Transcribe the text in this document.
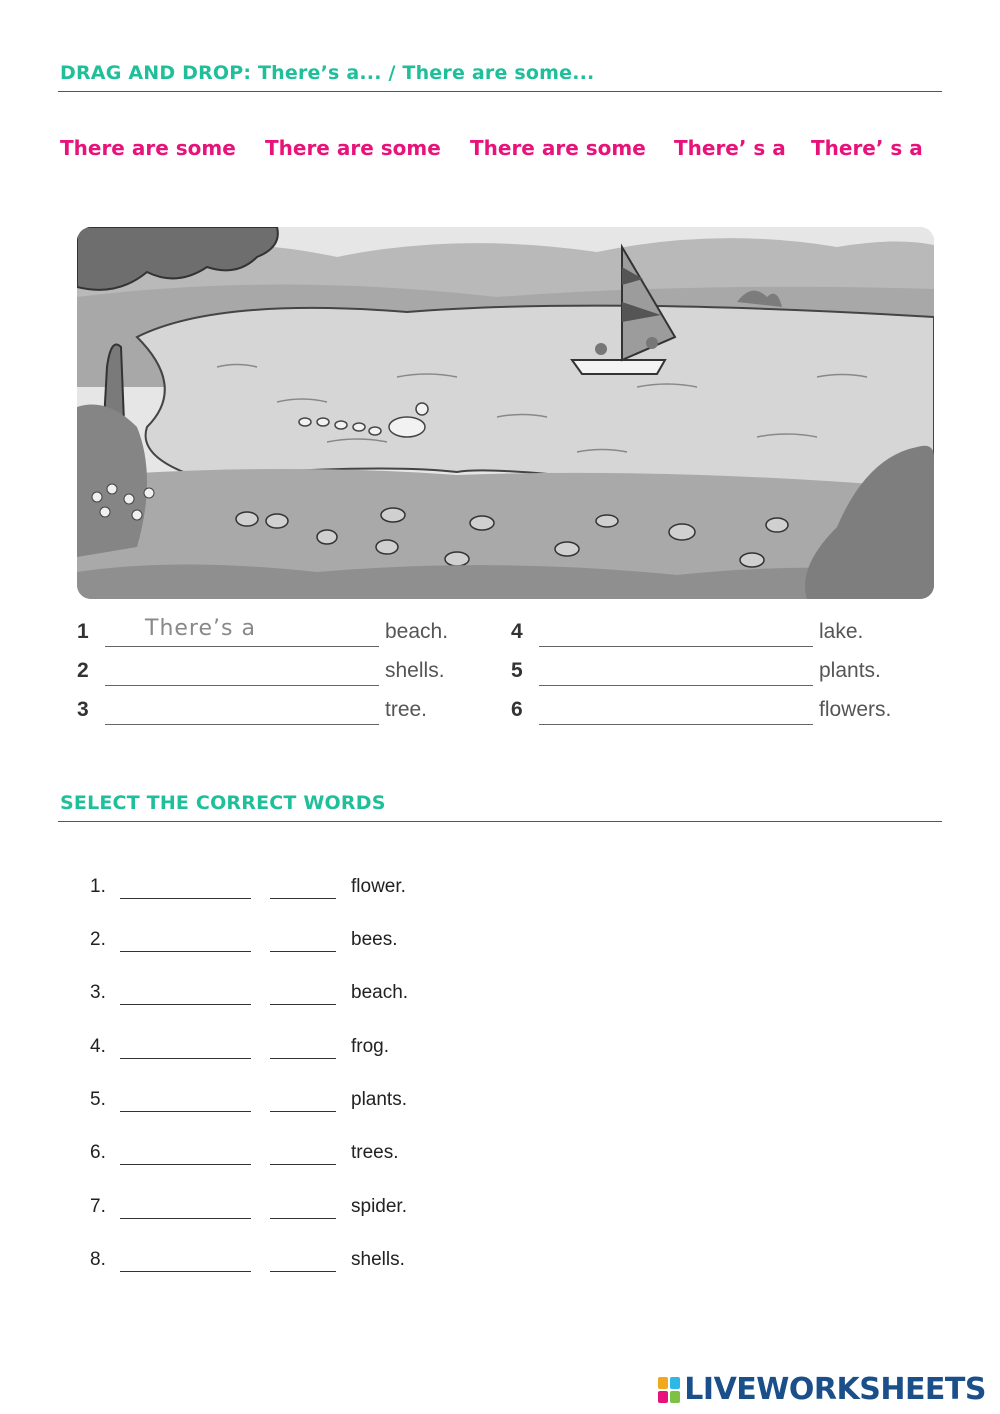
DRAG AND DROP: There’s a... / There are some...
There are some There are some There are some There’ s a There’ s a
1	There’s a	beach.
2	shells.
3	tree.
4	lake.
5	plants.
6	flowers.
SELECT THE CORRECT WORDS
1.	flower.
2.	bees.
3.	beach.
4.	frog.
5.	plants.
6.	trees.
7.	spider.
8.	shells.
LIVEWORKSHEETS
